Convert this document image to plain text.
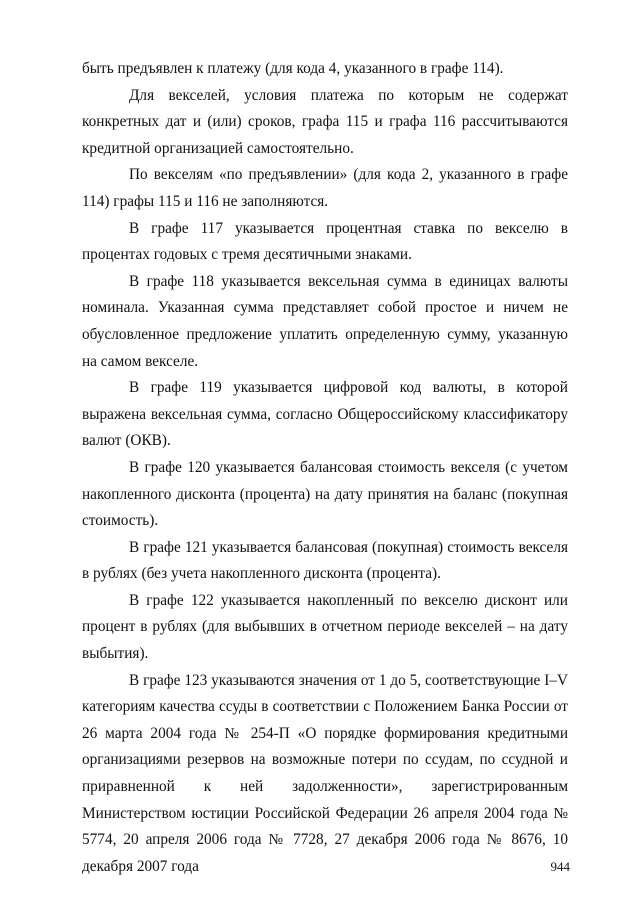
быть предъявлен к платежу (для кода 4, указанного в графе 114).

Для векселей, условия платежа по которым не содержат конкретных дат и (или) сроков, графа 115 и графа 116 рассчитываются кредитной организацией самостоятельно.

По векселям «по предъявлении» (для кода 2, указанного в графе 114) графы 115 и 116 не заполняются.

В графе 117 указывается процентная ставка по векселю в процентах годовых с тремя десятичными знаками.

В графе 118 указывается вексельная сумма в единицах валюты номинала. Указанная сумма представляет собой простое и ничем не обусловленное предложение уплатить определенную сумму, указанную на самом векселе.

В графе 119 указывается цифровой код валюты, в которой выражена вексельная сумма, согласно Общероссийскому классификатору валют (ОКВ).

В графе 120 указывается балансовая стоимость векселя (с учетом накопленного дисконта (процента) на дату принятия на баланс (покупная стоимость).

В графе 121 указывается балансовая (покупная) стоимость векселя в рублях (без учета накопленного дисконта (процента).

В графе 122 указывается накопленный по векселю дисконт или процент в рублях (для выбывших в отчетном периоде векселей – на дату выбытия).

В графе 123 указываются значения от 1 до 5, соответствующие I–V категориям качества ссуды в соответствии с Положением Банка России от 26 марта 2004 года № 254-П «О порядке формирования кредитными организациями резервов на возможные потери по ссудам, по ссудной и приравненной к ней задолженности», зарегистрированным Министерством юстиции Российской Федерации 26 апреля 2004 года № 5774, 20 апреля 2006 года № 7728, 27 декабря 2006 года № 8676, 10 декабря 2007 года	944
